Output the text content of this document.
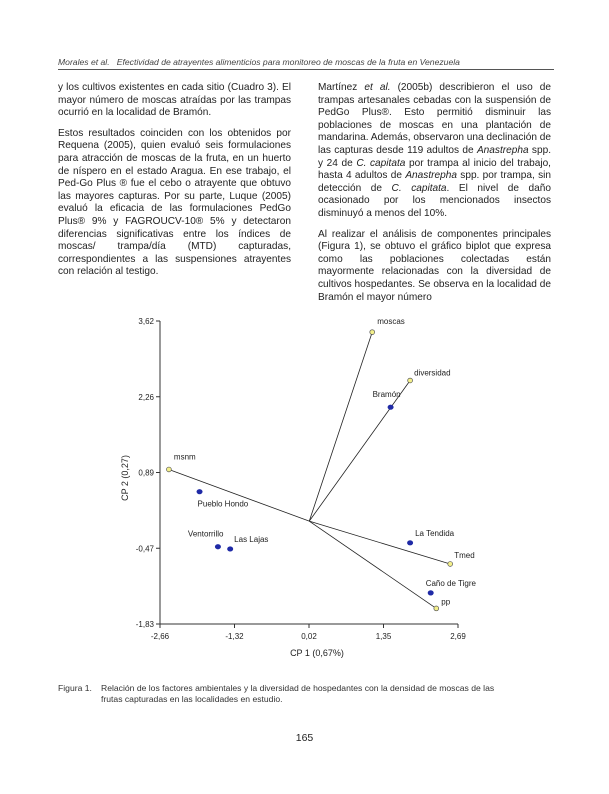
Morales et al. Efectividad de atrayentes alimenticios para monitoreo de moscas de la fruta en Venezuela

y los cultivos existentes en cada sitio (Cuadro 3). El mayor número de moscas atraídas por las trampas ocurrió en la localidad de Bramón.

Estos resultados coinciden con los obtenidos por Requena (2005), quien evaluó seis formulaciones para atracción de moscas de la fruta, en un huerto de níspero en el estado Aragua. En ese trabajo, el Ped-Go Plus ® fue el cebo o atrayente que obtuvo las mayores capturas. Por su parte, Luque (2005) evaluó la eficacia de las formulaciones PedGo Plus® 9% y FAGROUCV-10® 5% y detectaron diferencias significativas entre los índices de moscas/ trampa/día (MTD) capturadas, correspondientes a las suspensiones atrayentes con relación al testigo.

Martínez et al. (2005b) describieron el uso de trampas artesanales cebadas con la suspensión de PedGo Plus®. Esto permitió disminuir las poblaciones de moscas en una plantación de mandarina. Además, observaron una declinación de las capturas desde 119 adultos de Anastrepha spp. y 24 de C. capitata por trampa al inicio del trabajo, hasta 4 adultos de Anastrepha spp. por trampa, sin detección de C. capitata. El nivel de daño ocasionado por los mencionados insectos disminuyó a menos del 10%.

Al realizar el análisis de componentes principales (Figura 1), se obtuvo el gráfico biplot que expresa como las poblaciones colectadas están mayormente relacionadas con la diversidad de cultivos hospedantes. Se observa en la localidad de Bramón el mayor número

-2,66	-1,32	0,02	1,35	2,69
3,62
2,26
0,89
-0,47
-1,83
moscas
diversidad
msnm
Tmed
pp
Bramón
Pueblo Hondo
Ventorrillo
Las Lajas
La Tendida
Caño de Tigre
CP 1 (0,67%)
CP 2 (0,27)
Figura 1. Relación de los factores ambientales y la diversidad de hospedantes con la densidad de moscas de las
frutas capturadas en las localidades en estudio.
165
